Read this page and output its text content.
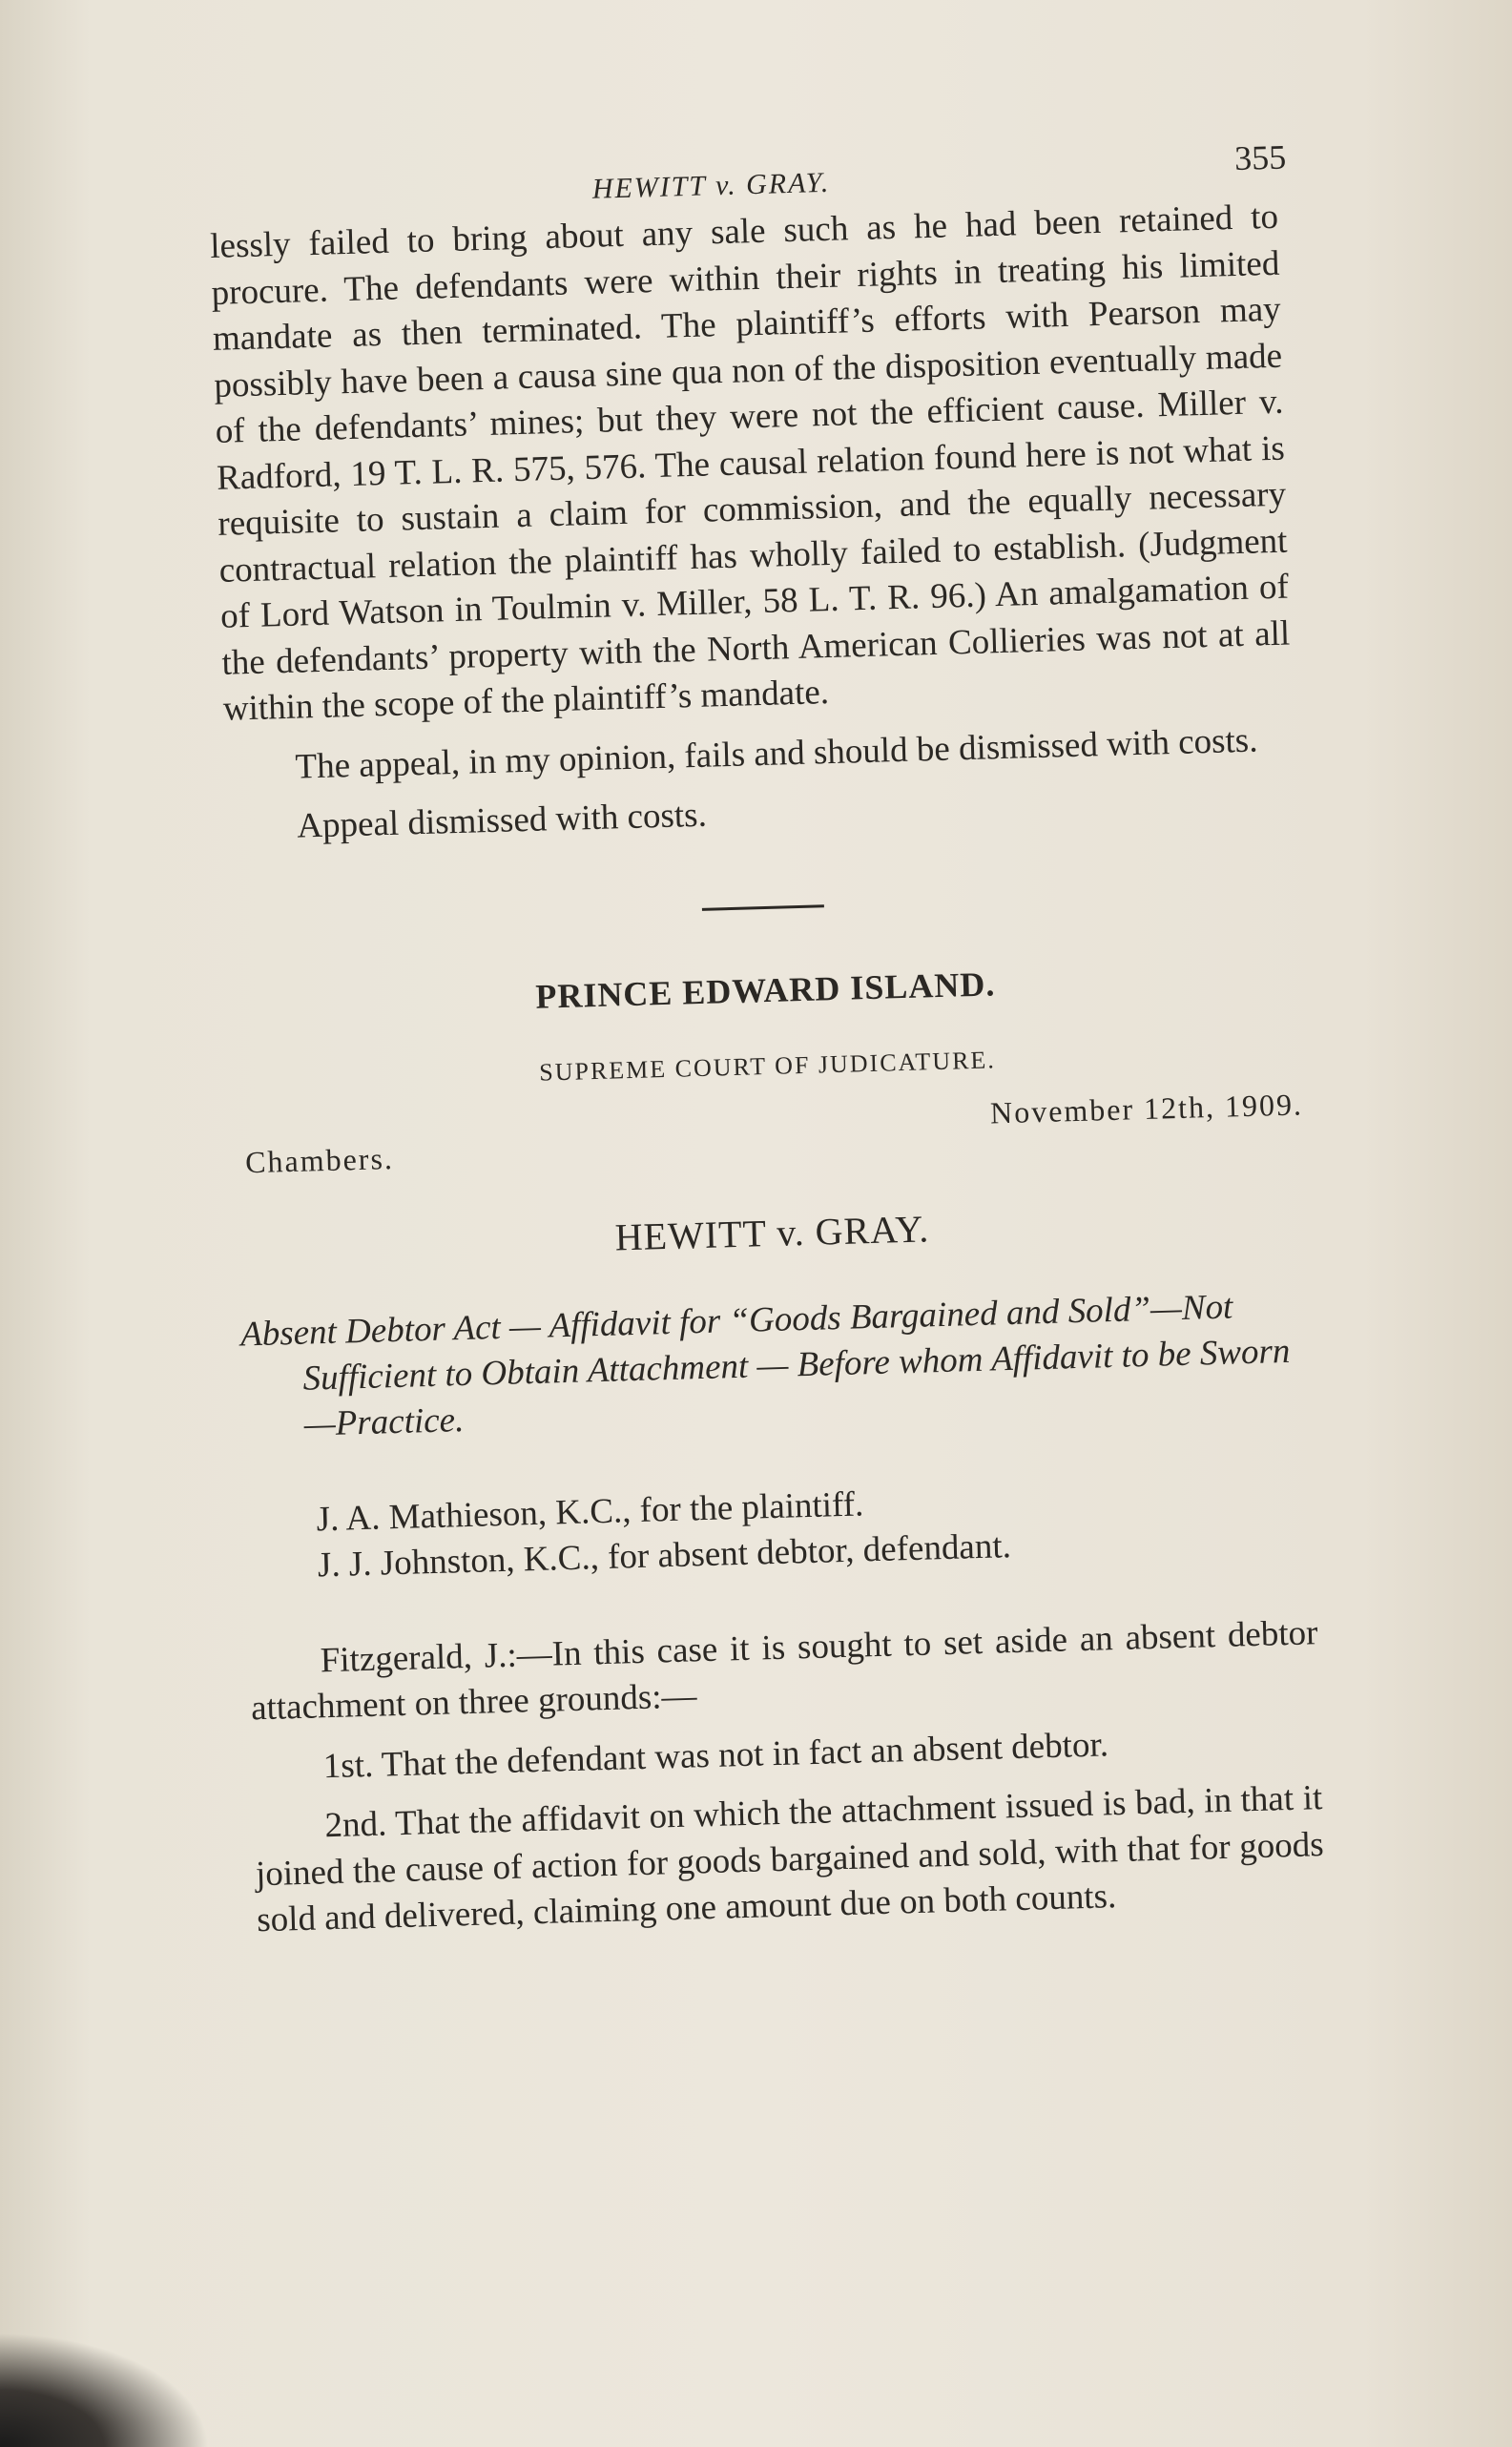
HEWITT v. GRAY.
355

lessly failed to bring about any sale such as he had been retained to procure. The defendants were within their rights in treating his limited mandate as then terminated. The plaintiff’s efforts with Pearson may possibly have been a causa sine qua non of the disposition eventually made of the defendants’ mines; but they were not the efficient cause. Miller v. Radford, 19 T. L. R. 575, 576. The causal relation found here is not what is requisite to sustain a claim for commission, and the equally necessary contractual relation the plaintiff has wholly failed to establish. (Judgment of Lord Watson in Toulmin v. Miller, 58 L. T. R. 96.) An amalgamation of the defendants’ property with the North American Collieries was not at all within the scope of the plaintiff’s mandate.

The appeal, in my opinion, fails and should be dismissed with costs.

Appeal dismissed with costs.

PRINCE EDWARD ISLAND.

SUPREME COURT OF JUDICATURE.

Chambers.
November 12th, 1909.

HEWITT v. GRAY.

Absent Debtor Act — Affidavit for “Goods Bargained and Sold”—Not Sufficient to Obtain Attachment — Before whom Affidavit to be Sworn—Practice.

J. A. Mathieson, K.C., for the plaintiff.
J. J. Johnston, K.C., for absent debtor, defendant.

Fitzgerald, J.:—In this case it is sought to set aside an absent debtor attachment on three grounds:—

1st. That the defendant was not in fact an absent debtor.

2nd. That the affidavit on which the attachment issued is bad, in that it joined the cause of action for goods bargained and sold, with that for goods sold and delivered, claiming one amount due on both counts.
